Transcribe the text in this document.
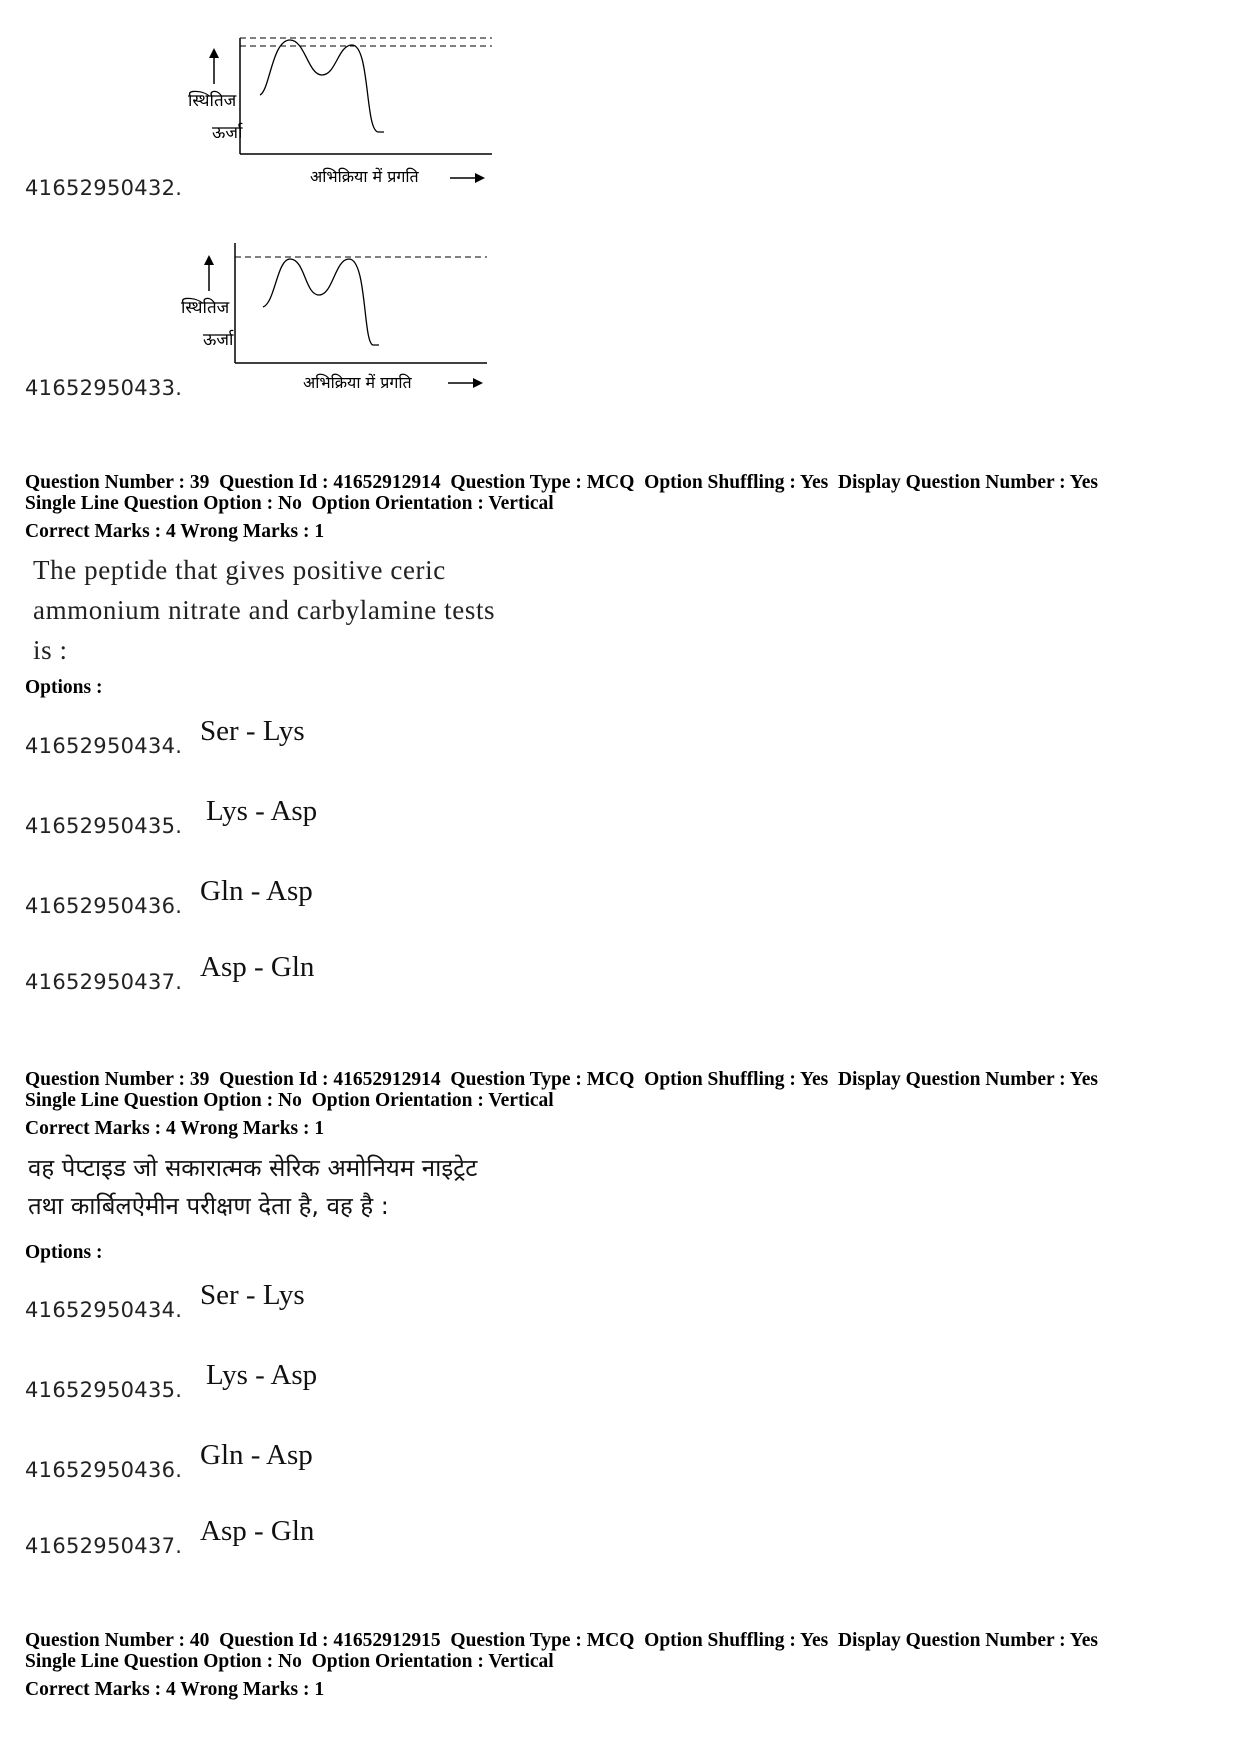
41652950432.
स्थितिज
ऊर्जा
अभिक्रिया में प्रगति
41652950433.
स्थितिज
ऊर्जा
अभिक्रिया में प्रगति
Question Number : 39  Question Id : 41652912914  Question Type : MCQ  Option Shuffling : Yes  Display Question Number : Yes
Single Line Question Option : No  Option Orientation : Vertical
Correct Marks : 4 Wrong Marks : 1
The peptide that gives positive ceric
ammonium nitrate and carbylamine tests
is :
Options :
41652950434. Ser - Lys
41652950435. Lys - Asp
41652950436. Gln - Asp
41652950437. Asp - Gln
Question Number : 39  Question Id : 41652912914  Question Type : MCQ  Option Shuffling : Yes  Display Question Number : Yes
Single Line Question Option : No  Option Orientation : Vertical
Correct Marks : 4 Wrong Marks : 1
वह पेप्टाइड जो सकारात्मक सेरिक अमोनियम नाइट्रेट
तथा कार्बिलऐमीन परीक्षण देता है, वह है :
Options :
41652950434. Ser - Lys
41652950435. Lys - Asp
41652950436. Gln - Asp
41652950437. Asp - Gln
Question Number : 40  Question Id : 41652912915  Question Type : MCQ  Option Shuffling : Yes  Display Question Number : Yes
Single Line Question Option : No  Option Orientation : Vertical
Correct Marks : 4 Wrong Marks : 1
